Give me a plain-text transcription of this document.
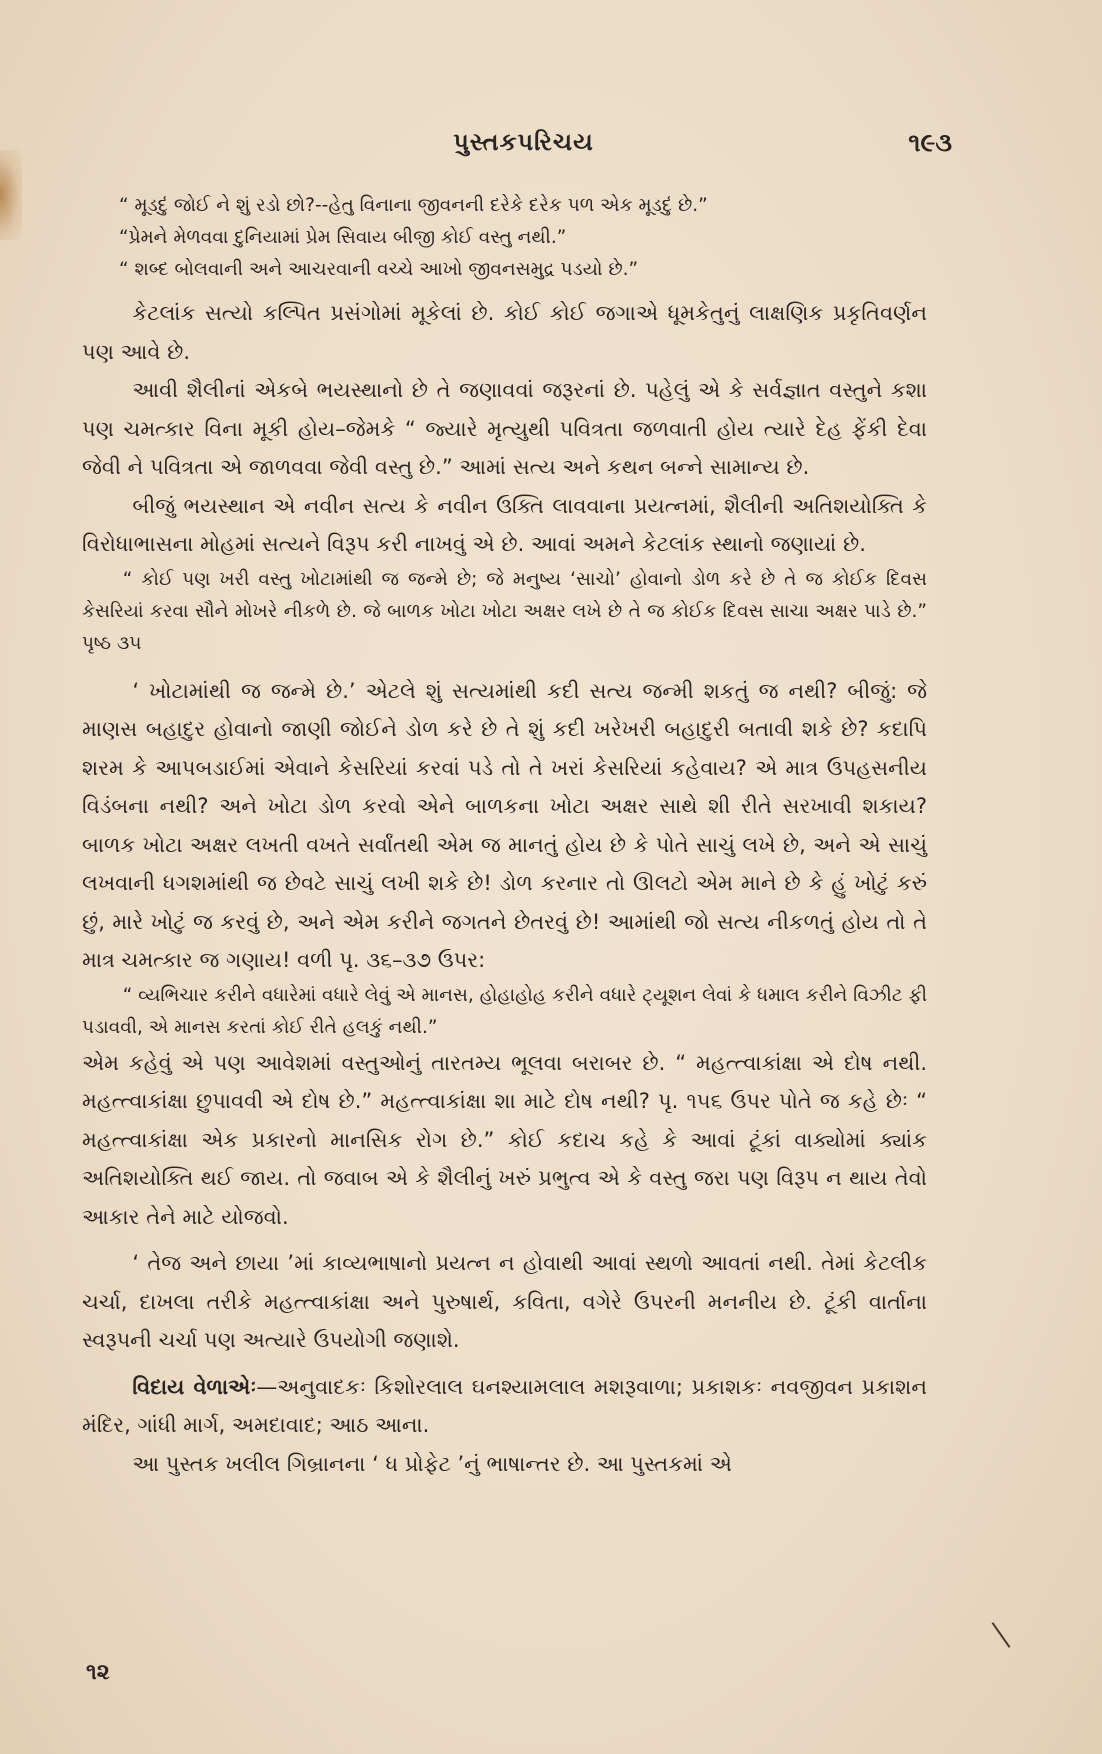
પુસ્તકપરિચય	૧૯૩

“ મૂડદું જોઈ ને શું રડો છો?--હેતુ વિનાના જીવનની દરેકે દરેક પળ એક મૂડદું છે.”

“પ્રેમને મેળવવા દુનિયામાં પ્રેમ સિવાય બીજી કોઈ વસ્તુ નથી.”

“ શબ્દ બોલવાની અને આચરવાની વચ્ચે આખો જીવનસમુદ્ર પડયો છે.”

કેટલાંક સત્યો કલ્પિત પ્રસંગોમાં મૂકેલાં છે. કોઈ કોઈ જગાએ ધૂમકેતુનું લાક્ષણિક પ્રકૃતિવર્ણન પણ આવે છે.

આવી શૈલીનાં એકબે ભયસ્થાનો છે તે જણાવવાં જરૂરનાં છે. પહેલું એ કે સર્વજ્ઞાત વસ્તુને કશા પણ ચમત્કાર વિના મૂકી હોય–જેમકે “ જ્યારે મૃત્યુથી પવિત્રતા જળવાતી હોય ત્યારે દેહ ફેંકી દેવા જેવી ને પવિત્રતા એ જાળવવા જેવી વસ્તુ છે.” આમાં સત્ય અને કથન બન્ને સામાન્ય છે.

બીજું ભયસ્થાન એ નવીન સત્ય કે નવીન ઉક્તિ લાવવાના પ્રયત્નમાં, શૈલીની અતિશયોક્તિ કે વિરોધાભાસના મોહમાં સત્યને વિરૂપ કરી નાખવું એ છે. આવાં અમને કેટલાંક સ્થાનો જણાયાં છે.

“ કોઈ પણ ખરી વસ્તુ ખોટામાંથી જ જન્મે છે; જે મનુષ્ય ‘સાચો’ હોવાનો ડોળ કરે છે તે જ કોઈક દિવસ કેસરિયાં કરવા સૌને મોખરે નીકળે છે. જે બાળક ખોટા ખોટા અક્ષર લખે છે તે જ કોઈક દિવસ સાચા અક્ષર પાડે છે.” પૃષ્ઠ ૩૫

‘ ખોટામાંથી જ જન્મે છે.’ એટલે શું સત્યમાંથી કદી સત્ય જન્મી શકતું જ નથી? બીજું: જે માણસ બહાદુર હોવાનો જાણી જોઈને ડોળ કરે છે તે શું કદી ખરેખરી બહાદુરી બતાવી શકે છે? કદાપિ શરમ કે આપબડાઈમાં એવાને કેસરિયાં કરવાં પડે તો તે ખરાં કેસરિયાં કહેવાય? એ માત્ર ઉપહસનીય વિડંબના નથી? અને ખોટા ડોળ કરવો એને બાળકના ખોટા અક્ષર સાથે શી રીતે સરખાવી શકાય? બાળક ખોટા અક્ષર લખતી વખતે સર્વાંતથી એમ જ માનતું હોય છે કે પોતે સાચું લખે છે, અને એ સાચું લખવાની ધગશમાંથી જ છેવટે સાચું લખી શકે છે! ડોળ કરનાર તો ઊલટો એમ માને છે કે હું ખોટું કરું છું, મારે ખોટું જ કરવું છે, અને એમ કરીને જગતને છેતરવું છે! આમાંથી જો સત્ય નીકળતું હોય તો તે માત્ર ચમત્કાર જ ગણાય! વળી પૃ. ૩૬–૩૭ ઉપર:

“ વ્યભિચાર કરીને વધારેમાં વધારે લેવું એ માનસ, હોહાહોહ કરીને વધારે ટ્યૂશન લેવાં કે ધમાલ કરીને વિઝીટ ફી પડાવવી, એ માનસ કરતાં કોઈ રીતે હલકું નથી.”

એમ કહેવું એ પણ આવેશમાં વસ્તુઓનું તારતમ્ય ભૂલવા બરાબર છે. “ મહત્ત્વાકાંક્ષા એ દોષ નથી. મહત્ત્વાકાંક્ષા છુપાવવી એ દોષ છે.” મહત્ત્વાકાંક્ષા શા માટે દોષ નથી? પૃ. ૧૫૬ ઉપર પોતે જ કહે છેઃ “ મહત્ત્વાકાંક્ષા એક પ્રકારનો માનસિક રોગ છે.” કોઈ કદાચ કહે કે આવાં ટૂંકાં વાક્યોમાં ક્યાંક અતિશયોક્તિ થઈ જાય. તો જવાબ એ કે શૈલીનું ખરું પ્રભુત્વ એ કે વસ્તુ જરા પણ વિરૂપ ન થાય તેવો આકાર તેને માટે યોજવો.

‘ તેજ અને છાયા ’માં કાવ્યભાષાનો પ્રયત્ન ન હોવાથી આવાં સ્થળો આવતાં નથી. તેમાં કેટલીક ચર્ચા, દાખલા તરીકે મહત્ત્વાકાંક્ષા અને પુરુષાર્થ, કવિતા, વગેરે ઉપરની મનનીય છે. ટૂંકી વાર્તાના સ્વરૂપની ચર્ચા પણ અત્યારે ઉપયોગી જણાશે.

વિદાય વેળાએઃ—અનુવાદકઃ કિશોરલાલ ઘનશ્યામલાલ મશરૂવાળા; પ્રકાશકઃ નવજીવન પ્રકાશન મંદિર, ગાંધી માર્ગ, અમદાવાદ; આઠ આના.

આ પુસ્તક ખલીલ ગિબ્રાનના ‘ ધ પ્રોફેટ ’નું ભાષાન્તર છે. આ પુસ્તકમાં એ

૧૨
